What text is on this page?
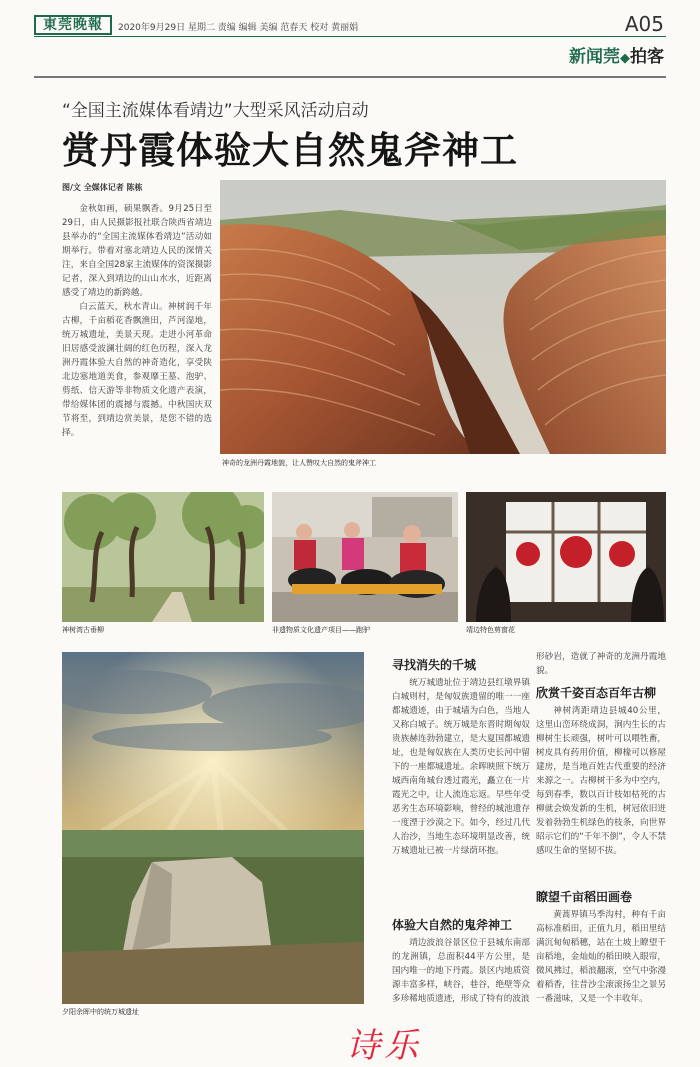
東莞晚報	2020年9月29日 星期二 责编 编辑 美编 范春天 校对 黄丽娟	A05
新闻莞◆拍客
“全国主流媒体看靖边”大型采风活动启动
赏丹霞体验大自然鬼斧神工
图/文 全媒体记者 陈栋

金秋如画，硕果飘香。9月25日至29日，由人民摄影报社联合陕西省靖边县举办的“全国主流媒体看靖边”活动如期举行。带着对塞北靖边人民的深情关注，来自全国28家主流媒体的资深摄影记者，深入到靖边的山山水水，近距离感受了靖边的新跨越。

白云蓝天，秋水青山。神树润千年古柳，千亩稻花香飘渔田，芦河湿地，统万城遗址，美景天现。走进小河革命旧居感受波澜壮阔的红色历程，深入龙洲丹霞体验大自然的神奇造化，享受陕北边塞地道美食，参观靡王墓、泡驴、剪纸、信天游等非物质文化遗产表演，带给媒体团的震撼与震撼。中秋国庆双节将至，到靖边赏美景，是您不错的选择。

神奇的龙洲丹霞地貌，让人赞叹大自然的鬼斧神工
神树湾古垂柳	非遗物质文化遗产项目——跑驴	靖边特色剪窗花
夕阳余晖中的统万城遗址
寻找消失的千城

统万城遗址位于靖边县红墩界镇白城则村，是匈奴族遗留的唯一一座都城遗迹，由于城墙为白色，当地人又称白城子。统万城是东晋时期匈奴贵族赫连勃勃建立，是大夏国都城遗址，也是匈奴族在人类历史长河中留下的一座都城遗址。余晖映照下统万城西南角城台透过霞光，矗立在一片霞光之中，让人流连忘返。早些年受恶劣生态环境影响，曾经的城池遗存一度湮于沙漠之下。如今，经过几代人治沙，当地生态环境明显改善，统万城遗址已被一片绿荫环抱。

体验大自然的鬼斧神工

靖边波浪谷景区位于县城东南部的龙洲镇，总面积44平方公里，是国内唯一的地下丹霞。景区内地质资源丰富多样，峡谷，巷谷，绝壁等众多珍稀地质遗迹，形成了特有的波浪

形砂岩，造就了神奇的龙洲丹霞地貌。
欣赏千姿百态百年古柳

神树湾距靖边县城40公里，这里山峦环绕成洞，涧内生长的古柳树生长顽强，树叶可以喂牲畜，树皮具有药用价值，柳椽可以修屋建房，是当地百姓古代重要的经济来源之一。古柳树干多为中空内，每到春季，数以百计枝如枯死的古柳就会焕发新的生机，树冠依旧迸发着勃勃生机绿色的枝条，向世界昭示它们的“千年不倒”，令人不禁感叹生命的坚韧不拔。

瞭望千亩稻田画卷

黄蒿界镇马季沟村，种有千亩高标准稻田，正值九月，稻田里结满沉甸甸稻穗，站在土坡上瞭望千亩稻地，金灿灿的稻田映入眼帘，微风拂过，稻浪翻滚，空气中弥漫着稻香，往昔沙尘滚滚扬尘之景另一番滋味，又是一个丰收年。

诗乐
